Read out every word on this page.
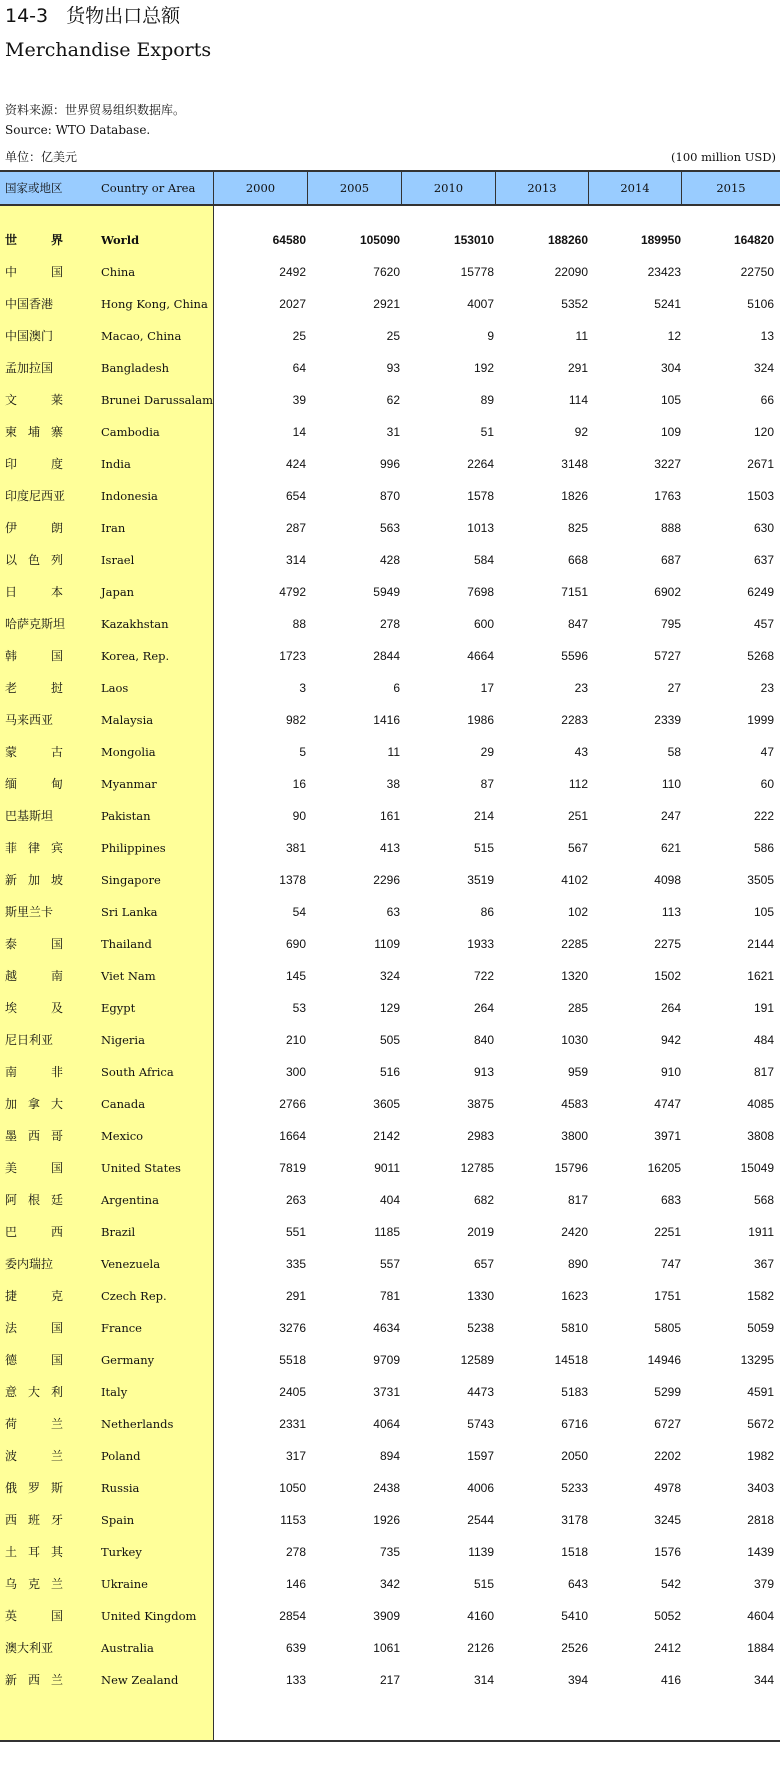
14-3 货物出口总额
Merchandise Exports
资料来源：世界贸易组织数据库。
Source: WTO Database.
单位：亿美元	(100 million USD)
国家或地区	Country or Area	2000	2005	2010	2013	2014	2015
世界	World	64580	105090	153010	188260	189950	164820
中国	China	2492	7620	15778	22090	23423	22750
中国香港	Hong Kong, China	2027	2921	4007	5352	5241	5106
中国澳门	Macao, China	25	25	9	11	12	13
孟加拉国	Bangladesh	64	93	192	291	304	324
文莱	Brunei Darussalam	39	62	89	114	105	66
柬埔寨	Cambodia	14	31	51	92	109	120
印度	India	424	996	2264	3148	3227	2671
印度尼西亚	Indonesia	654	870	1578	1826	1763	1503
伊朗	Iran	287	563	1013	825	888	630
以色列	Israel	314	428	584	668	687	637
日本	Japan	4792	5949	7698	7151	6902	6249
哈萨克斯坦	Kazakhstan	88	278	600	847	795	457
韩国	Korea, Rep.	1723	2844	4664	5596	5727	5268
老挝	Laos	3	6	17	23	27	23
马来西亚	Malaysia	982	1416	1986	2283	2339	1999
蒙古	Mongolia	5	11	29	43	58	47
缅甸	Myanmar	16	38	87	112	110	60
巴基斯坦	Pakistan	90	161	214	251	247	222
菲律宾	Philippines	381	413	515	567	621	586
新加坡	Singapore	1378	2296	3519	4102	4098	3505
斯里兰卡	Sri Lanka	54	63	86	102	113	105
泰国	Thailand	690	1109	1933	2285	2275	2144
越南	Viet Nam	145	324	722	1320	1502	1621
埃及	Egypt	53	129	264	285	264	191
尼日利亚	Nigeria	210	505	840	1030	942	484
南非	South Africa	300	516	913	959	910	817
加拿大	Canada	2766	3605	3875	4583	4747	4085
墨西哥	Mexico	1664	2142	2983	3800	3971	3808
美国	United States	7819	9011	12785	15796	16205	15049
阿根廷	Argentina	263	404	682	817	683	568
巴西	Brazil	551	1185	2019	2420	2251	1911
委内瑞拉	Venezuela	335	557	657	890	747	367
捷克	Czech Rep.	291	781	1330	1623	1751	1582
法国	France	3276	4634	5238	5810	5805	5059
德国	Germany	5518	9709	12589	14518	14946	13295
意大利	Italy	2405	3731	4473	5183	5299	4591
荷兰	Netherlands	2331	4064	5743	6716	6727	5672
波兰	Poland	317	894	1597	2050	2202	1982
俄罗斯	Russia	1050	2438	4006	5233	4978	3403
西班牙	Spain	1153	1926	2544	3178	3245	2818
土耳其	Turkey	278	735	1139	1518	1576	1439
乌克兰	Ukraine	146	342	515	643	542	379
英国	United Kingdom	2854	3909	4160	5410	5052	4604
澳大利亚	Australia	639	1061	2126	2526	2412	1884
新西兰	New Zealand	133	217	314	394	416	344
